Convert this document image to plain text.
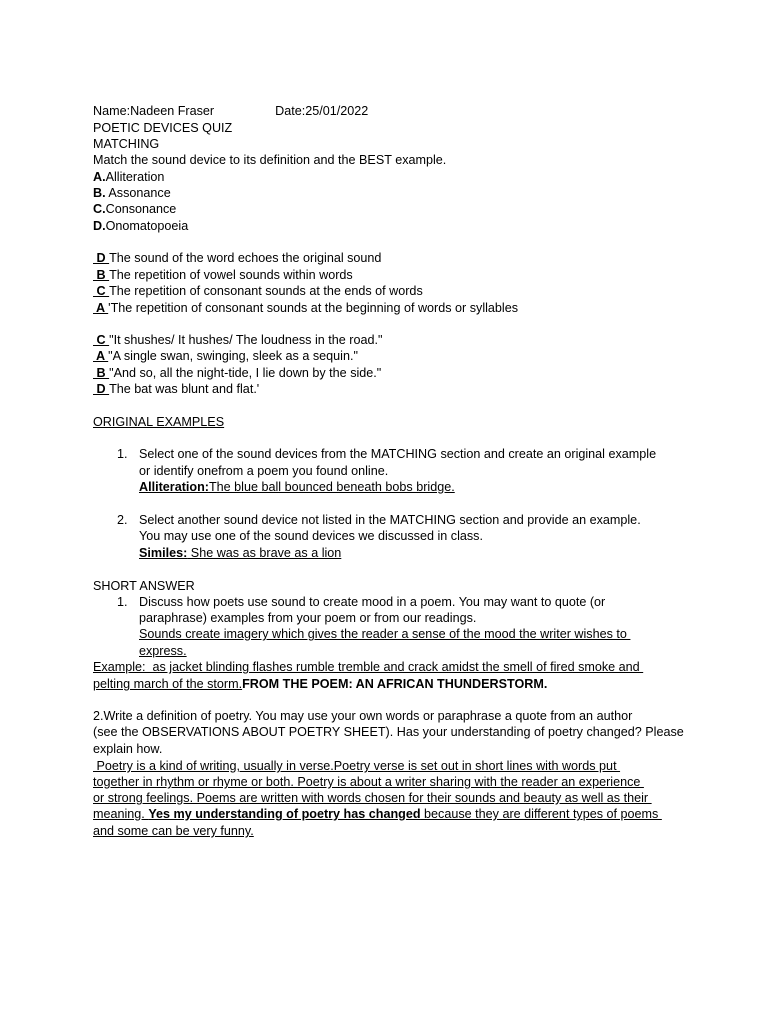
Name:Nadeen Fraser	Date:25/01/2022
POETIC DEVICES QUIZ
MATCHING
Match the sound device to its definition and the BEST example.
A.Alliteration
B. Assonance
C.Consonance
D.Onomatopoeia
D The sound of the word echoes the original sound
B The repetition of vowel sounds within words
C The repetition of consonant sounds at the ends of words
A 'The repetition of consonant sounds at the beginning of words or syllables
C "It shushes/ It hushes/ The loudness in the road."
A "A single swan, swinging, sleek as a sequin."
B "And so, all the night-tide, I lie down by the side."
D The bat was blunt and flat.'
ORIGINAL EXAMPLES
1. Select one of the sound devices from the MATCHING section and create an original example
or identify onefrom a poem you found online.
Alliteration:The blue ball bounced beneath bobs bridge.
2. Select another sound device not listed in the MATCHING section and provide an example.
You may use one of the sound devices we discussed in class.
Similes: She was as brave as a lion
SHORT ANSWER
1. Discuss how poets use sound to create mood in a poem. You may want to quote (or
paraphrase) examples from your poem or from our readings.
Sounds create imagery which gives the reader a sense of the mood the writer wishes to
express.
Example:  as jacket blinding flashes rumble tremble and crack amidst the smell of fired smoke and
pelting march of the storm.FROM THE POEM: AN AFRICAN THUNDERSTORM.
2.Write a definition of poetry. You may use your own words or paraphrase a quote from an author
(see the OBSERVATIONS ABOUT POETRY SHEET). Has your understanding of poetry changed? Please
explain how.
Poetry is a kind of writing, usually in verse.Poetry verse is set out in short lines with words put
together in rhythm or rhyme or both. Poetry is about a writer sharing with the reader an experience
or strong feelings. Poems are written with words chosen for their sounds and beauty as well as their
meaning. Yes my understanding of poetry has changed because they are different types of poems
and some can be very funny.
